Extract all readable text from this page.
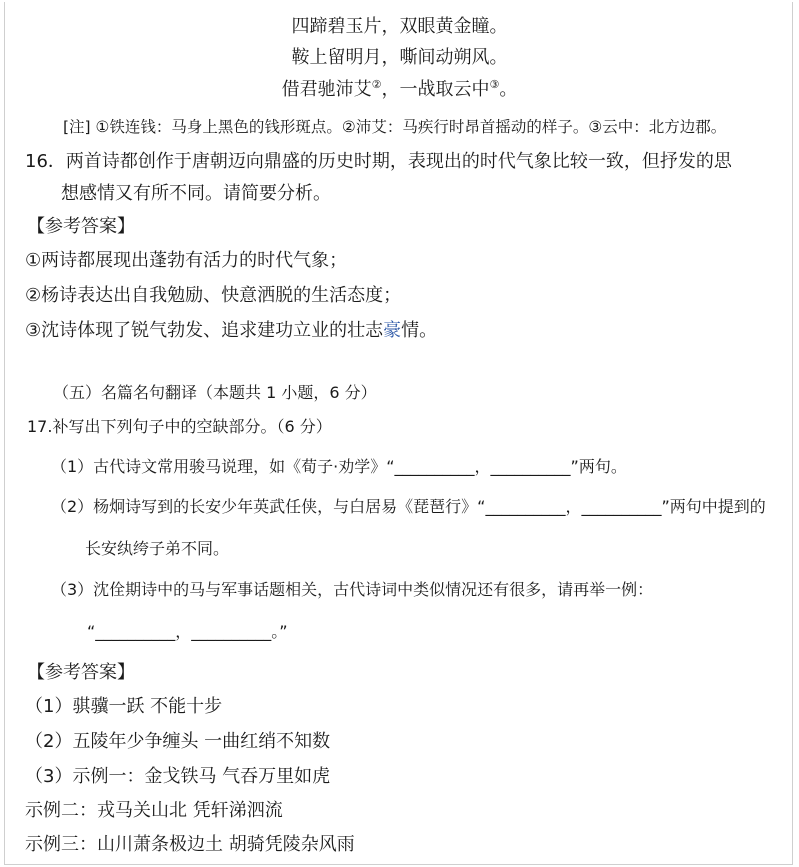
四蹄碧玉片，双眼黄金瞳。
鞍上留明月，嘶间动朔风。
借君驰沛艾②，一战取云中③。
[注] ①铁连钱：马身上黑色的钱形斑点。②沛艾：马疾行时昂首摇动的样子。③云中：北方边郡。
16．两首诗都创作于唐朝迈向鼎盛的历史时期，表现出的时代气象比较一致，但抒发的思
想感情又有所不同。请简要分析。
【参考答案】
①两诗都展现出蓬勃有活力的时代气象；
②杨诗表达出自我勉励、快意洒脱的生活态度；
③沈诗体现了锐气勃发、追求建功立业的壮志豪情。
（五）名篇名句翻译（本题共 1 小题，6 分）
17.补写出下列句子中的空缺部分。（6 分）
（1）古代诗文常用骏马说理，如《荀子·劝学》“__________，__________”两句。
（2）杨炯诗写到的长安少年英武任侠，与白居易《琵琶行》“__________，__________”两句中提到的
长安纨绔子弟不同。
（3）沈佺期诗中的马与军事话题相关，古代诗词中类似情况还有很多，请再举一例：
“__________，__________。”
【参考答案】
（1）骐骥一跃 不能十步
（2）五陵年少争缠头 一曲红绡不知数
（3）示例一：金戈铁马 气吞万里如虎
示例二：戎马关山北 凭轩涕泗流
示例三：山川萧条极边土 胡骑凭陵杂风雨
